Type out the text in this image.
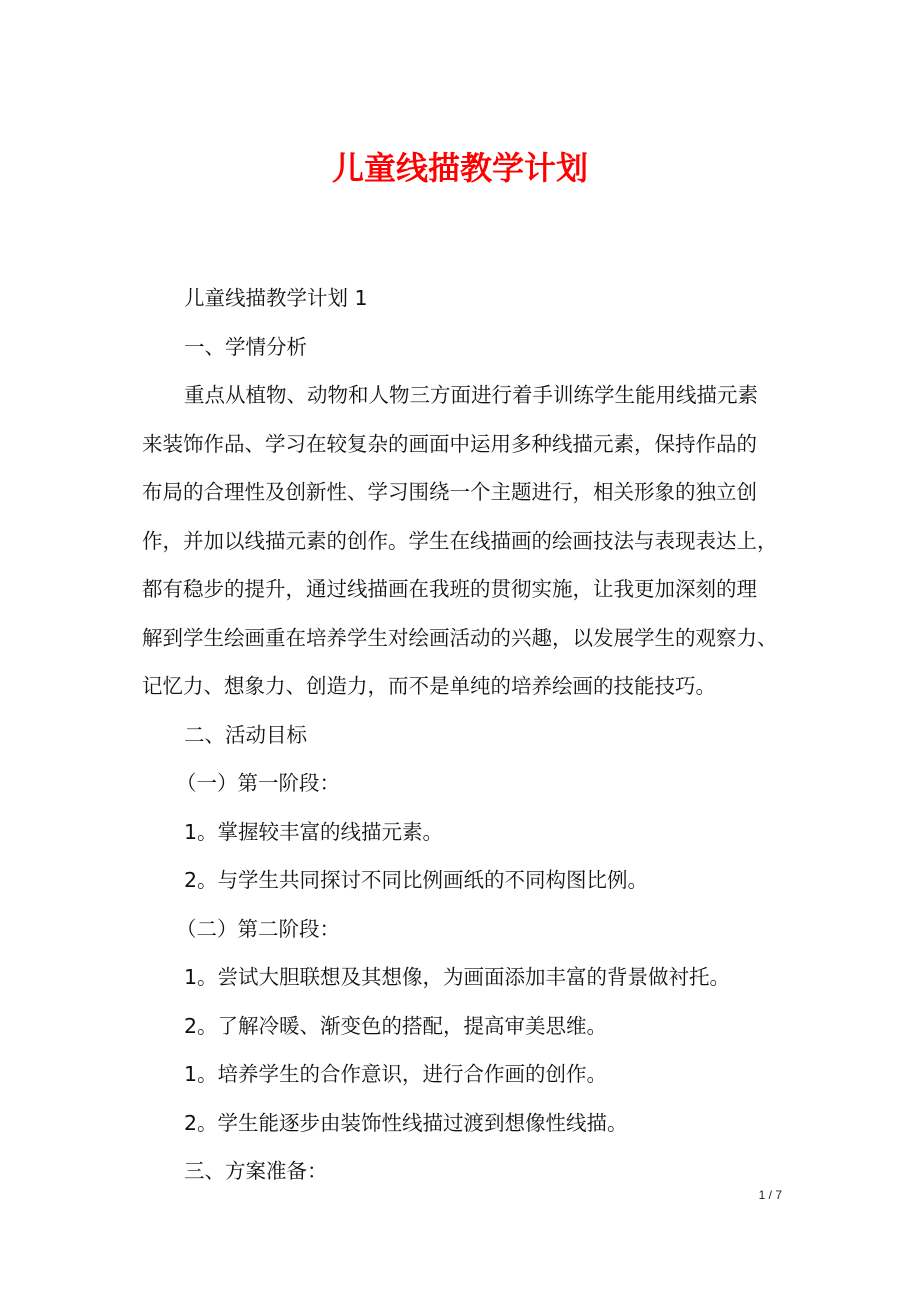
儿童线描教学计划

儿童线描教学计划 1

一、学情分析

重点从植物、动物和人物三方面进行着手训练学生能用线描元素

来装饰作品、学习在较复杂的画面中运用多种线描元素，保持作品的

布局的合理性及创新性、学习围绕一个主题进行，相关形象的独立创

作，并加以线描元素的创作。学生在线描画的绘画技法与表现表达上，

都有稳步的提升，通过线描画在我班的贯彻实施，让我更加深刻的理

解到学生绘画重在培养学生对绘画活动的兴趣，以发展学生的观察力、

记忆力、想象力、创造力，而不是单纯的培养绘画的技能技巧。

二、活动目标

（一）第一阶段：

1。掌握较丰富的线描元素。

2。与学生共同探讨不同比例画纸的不同构图比例。

（二）第二阶段：

1。尝试大胆联想及其想像，为画面添加丰富的背景做衬托。

2。了解冷暖、渐变色的搭配，提高审美思维。

1。培养学生的合作意识，进行合作画的创作。

2。学生能逐步由装饰性线描过渡到想像性线描。

三、方案准备：

1 / 7
